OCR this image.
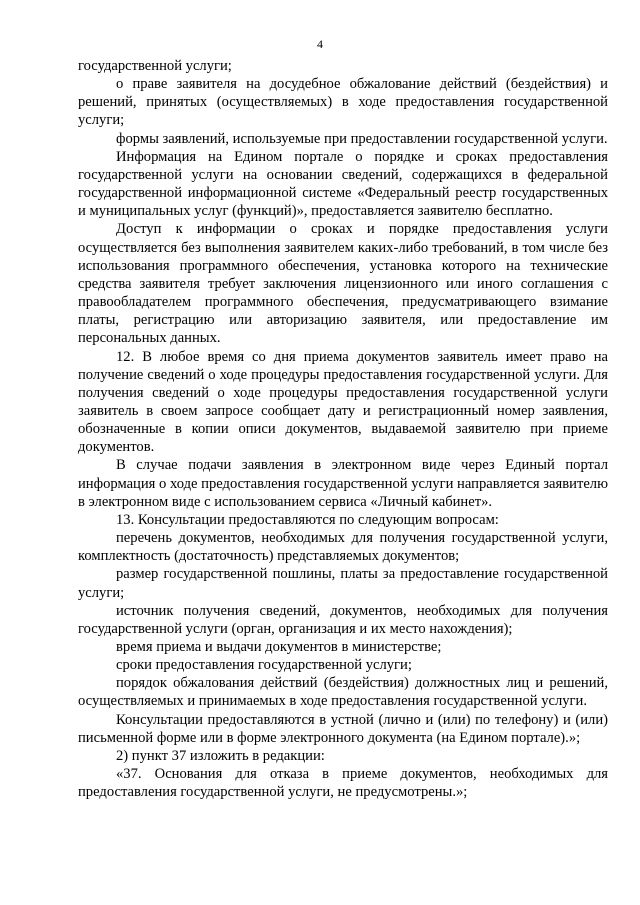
4

государственной услуги;

о праве заявителя на досудебное обжалование действий (бездействия) и решений, принятых (осуществляемых) в ходе предоставления государственной услуги;

формы заявлений, используемые при предоставлении государственной услуги.

Информация на Едином портале о порядке и сроках предоставления государственной услуги на основании сведений, содержащихся в федеральной государственной информационной системе «Федеральный реестр государственных и муниципальных услуг (функций)», предоставляется заявителю бесплатно.

Доступ к информации о сроках и порядке предоставления услуги осуществляется без выполнения заявителем каких-либо требований, в том числе без использования программного обеспечения, установка которого на технические средства заявителя требует заключения лицензионного или иного соглашения с правообладателем программного обеспечения, предусматривающего взимание платы, регистрацию или авторизацию заявителя, или предоставление им персональных данных.

12. В любое время со дня приема документов заявитель имеет право на получение сведений о ходе процедуры предоставления государственной услуги. Для получения сведений о ходе процедуры предоставления государственной услуги заявитель в своем запросе сообщает дату и регистрационный номер заявления, обозначенные в копии описи документов, выдаваемой заявителю при приеме документов.

В случае подачи заявления в электронном виде через Единый портал информация о ходе предоставления государственной услуги направляется заявителю в электронном виде с использованием сервиса «Личный кабинет».

13. Консультации предоставляются по следующим вопросам:

перечень документов, необходимых для получения государственной услуги, комплектность (достаточность) представляемых документов;

размер государственной пошлины, платы за предоставление государственной услуги;

источник получения сведений, документов, необходимых для получения государственной услуги (орган, организация и их место нахождения);

время приема и выдачи документов в министерстве;

сроки предоставления государственной услуги;

порядок обжалования действий (бездействия) должностных лиц и решений, осуществляемых и принимаемых в ходе предоставления государственной услуги.

Консультации предоставляются в устной (лично и (или) по телефону) и (или) письменной форме или в форме электронного документа (на Едином портале).»;

2) пункт 37 изложить в редакции:

«37. Основания для отказа в приеме документов, необходимых для предоставления государственной услуги, не предусмотрены.»;
